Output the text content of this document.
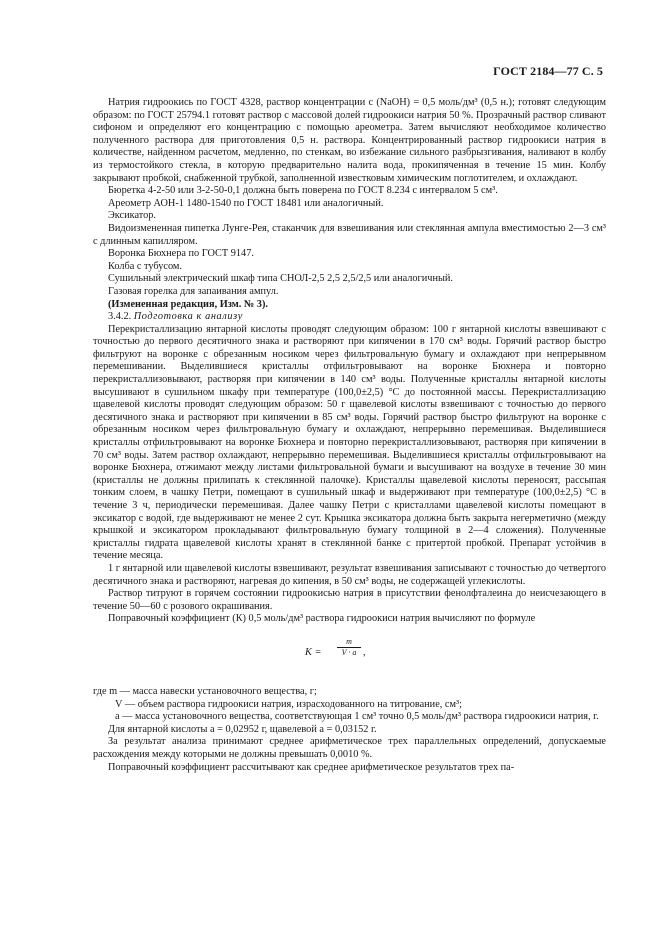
ГОСТ 2184—77 С. 5

Натрия гидроокись по ГОСТ 4328, раствор концентрации с (NaOH) = 0,5 моль/дм³ (0,5 н.); готовят следующим образом: по ГОСТ 25794.1 готовят раствор с массовой долей гидроокиси натрия 50 %. Прозрачный раствор сливают сифоном и определяют его концентрацию с помощью ареометра. Затем вычисляют необходимое количество полученного раствора для приготовления 0,5 н. раствора. Концентрированный раствор гидроокиси натрия в количестве, найденном расчетом, медленно, по стенкам, во избежание сильного разбрызгивания, наливают в колбу из термостойкого стекла, в которую предварительно налита вода, прокипяченная в течение 15 мин. Колбу закрывают пробкой, снабженной трубкой, заполненной известковым химическим поглотителем, и охлаждают.

Бюретка 4-2-50 или 3-2-50-0,1 должна быть поверена по ГОСТ 8.234 с интервалом 5 см³.

Ареометр АОН-1 1480-1540 по ГОСТ 18481 или аналогичный.

Эксикатор.

Видоизмененная пипетка Лунге-Рея, стаканчик для взвешивания или стеклянная ампула вместимостью 2—3 см³ с длинным капилляром.

Воронка Бюхнера по ГОСТ 9147.

Колба с тубусом.

Сушильный электрический шкаф типа СНОЛ-2,5 2,5 2,5/2,5 или аналогичный.

Газовая горелка для запаивания ампул.

(Измененная редакция, Изм. № 3).

3.4.2. Подготовка к анализу

Перекристаллизацию янтарной кислоты проводят следующим образом: 100 г янтарной кислоты взвешивают с точностью до первого десятичного знака и растворяют при кипячении в 170 см³ воды. Горячий раствор быстро фильтруют на воронке с обрезанным носиком через фильтровальную бумагу и охлаждают при непрерывном перемешивании. Выделившиеся кристаллы отфильтровывают на воронке Бюхнера и повторно перекристаллизовывают, растворяя при кипячении в 140 см³ воды. Полученные кристаллы янтарной кислоты высушивают в сушильном шкафу при температуре (100,0±2,5) °С до постоянной массы. Перекристаллизацию щавелевой кислоты проводят следующим образом: 50 г щавелевой кислоты взвешивают с точностью до первого десятичного знака и растворяют при кипячении в 85 см³ воды. Горячий раствор быстро фильтруют на воронке с обрезанным носиком через фильтровальную бумагу и охлаждают, непрерывно перемешивая. Выделившиеся кристаллы отфильтровывают на воронке Бюхнера и повторно перекристаллизовывают, растворяя при кипячении в 70 см³ воды. Затем раствор охлаждают, непрерывно перемешивая. Выделившиеся кристаллы отфильтровывают на воронке Бюхнера, отжимают между листами фильтровальной бумаги и высушивают на воздухе в течение 30 мин (кристаллы не должны прилипать к стеклянной палочке). Кристаллы щавелевой кислоты переносят, рассыпая тонким слоем, в чашку Петри, помещают в сушильный шкаф и выдерживают при температуре (100,0±2,5) °С в течение 3 ч, периодически перемешивая. Далее чашку Петри с кристаллами щавелевой кислоты помещают в эксикатор с водой, где выдерживают не менее 2 сут. Крышка эксикатора должна быть закрыта негерметично (между крышкой и эксикатором прокладывают фильтровальную бумагу толщиной в 2—4 сложения). Полученные кристаллы гидрата щавелевой кислоты хранят в стеклянной банке с притертой пробкой. Препарат устойчив в течение месяца.

1 г янтарной или щавелевой кислоты взвешивают, результат взвешивания записывают с точностью до четвертого десятичного знака и растворяют, нагревая до кипения, в 50 см³ воды, не содержащей углекислоты.

Раствор титруют в горячем состоянии гидроокисью натрия в присутствии фенолфталеина до неисчезающего в течение 50—60 с розового окрашивания.

Поправочный коэффициент (К) 0,5 моль/дм³ раствора гидроокиси натрия вычисляют по формуле

$K = \frac{m}{V \cdot a}$ ,

где m — масса навески установочного вещества, г;

V — объем раствора гидроокиси натрия, израсходованного на титрование, см³;

а — масса установочного вещества, соответствующая 1 см³ точно 0,5 моль/дм³ раствора гидроокиси натрия, г.

Для янтарной кислоты а = 0,02952 г, щавелевой а = 0,03152 г.

За результат анализа принимают среднее арифметическое трех параллельных определений, допускаемые расхождения между которыми не должны превышать 0,0010 %.

Поправочный коэффициент рассчитывают как среднее арифметическое результатов трех па-
